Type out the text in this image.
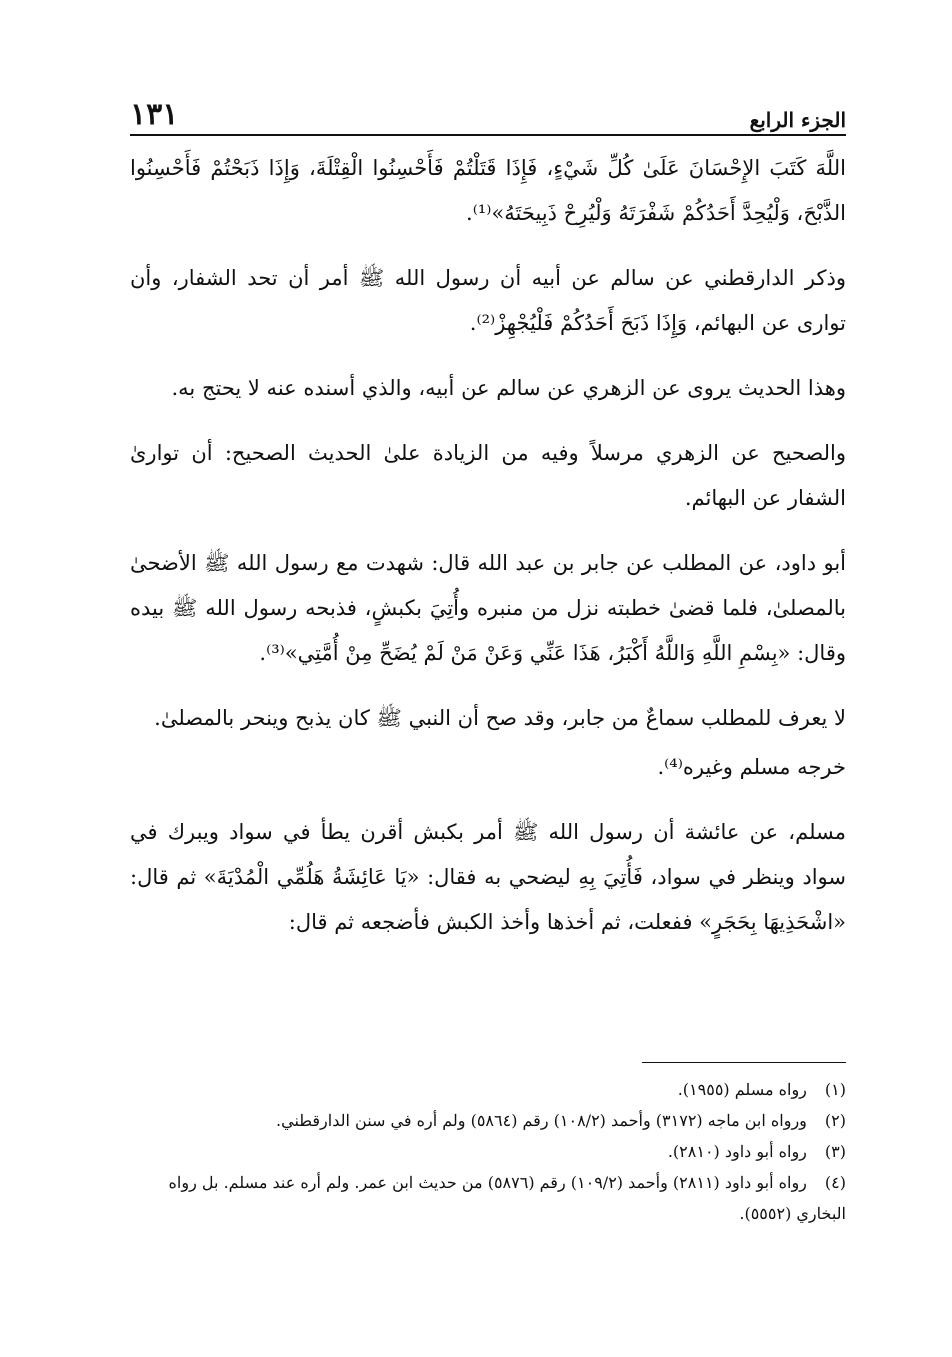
الجزء الرابع
١٣١

اللَّهَ كَتَبَ الإِحْسَانَ عَلَىٰ كُلِّ شَيْءٍ، فَإِذَا قَتَلْتُمْ فَأَحْسِنُوا الْقِتْلَةَ، وَإِذَا ذَبَحْتُمْ فَأَحْسِنُوا الذَّبْحَ، وَلْيُحِدَّ أَحَدُكُمْ شَفْرَتَهُ وَلْيُرِحْ ذَبِيحَتَهُ»⁽¹⁾.

وذكر الدارقطني عن سالم عن أبيه أن رسول الله ﷺ أمر أن تحد الشفار، وأن توارى عن البهائم، وَإِذَا ذَبَحَ أَحَدُكُمْ فَلْيُجْهِزْ⁽²⁾.

وهذا الحديث يروى عن الزهري عن سالم عن أبيه، والذي أسنده عنه لا يحتج به.

والصحيح عن الزهري مرسلاً وفيه من الزيادة علىٰ الحديث الصحيح: أن توارىٰ الشفار عن البهائم.

أبو داود، عن المطلب عن جابر بن عبد الله قال: شهدت مع رسول الله ﷺ الأضحىٰ بالمصلىٰ، فلما قضىٰ خطبته نزل من منبره وأُتِيَ بكبشٍ، فذبحه رسول الله ﷺ بيده وقال: «بِسْمِ اللَّهِ وَاللَّهُ أَكْبَرُ، هَذَا عَنِّي وَعَنْ مَنْ لَمْ يُضَحِّ مِنْ أُمَّتِي»⁽³⁾.

لا يعرف للمطلب سماعٌ من جابر، وقد صح أن النبي ﷺ كان يذبح وينحر بالمصلىٰ.

خرجه مسلم وغيره⁽⁴⁾.

مسلم، عن عائشة أن رسول الله ﷺ أمر بكبش أقرن يطأ في سواد ويبرك في سواد وينظر في سواد، فَأُتِيَ بِهِ ليضحي به فقال: «يَا عَائِشَةُ هَلُمِّي الْمُدْيَةَ» ثم قال: «اشْحَذِيهَا بِحَجَرٍ» ففعلت، ثم أخذها وأخذ الكبش فأضجعه ثم قال:

(١) رواه مسلم (١٩٥٥).

(٢) ورواه ابن ماجه (٣١٧٢) وأحمد (١٠٨/٢) رقم (٥٨٦٤) ولم أره في سنن الدارقطني.

(٣) رواه أبو داود (٢٨١٠).

(٤) رواه أبو داود (٢٨١١) وأحمد (١٠٩/٢) رقم (٥٨٧٦) من حديث ابن عمر. ولم أره عند مسلم. بل رواه البخاري (٥٥٥٢).
